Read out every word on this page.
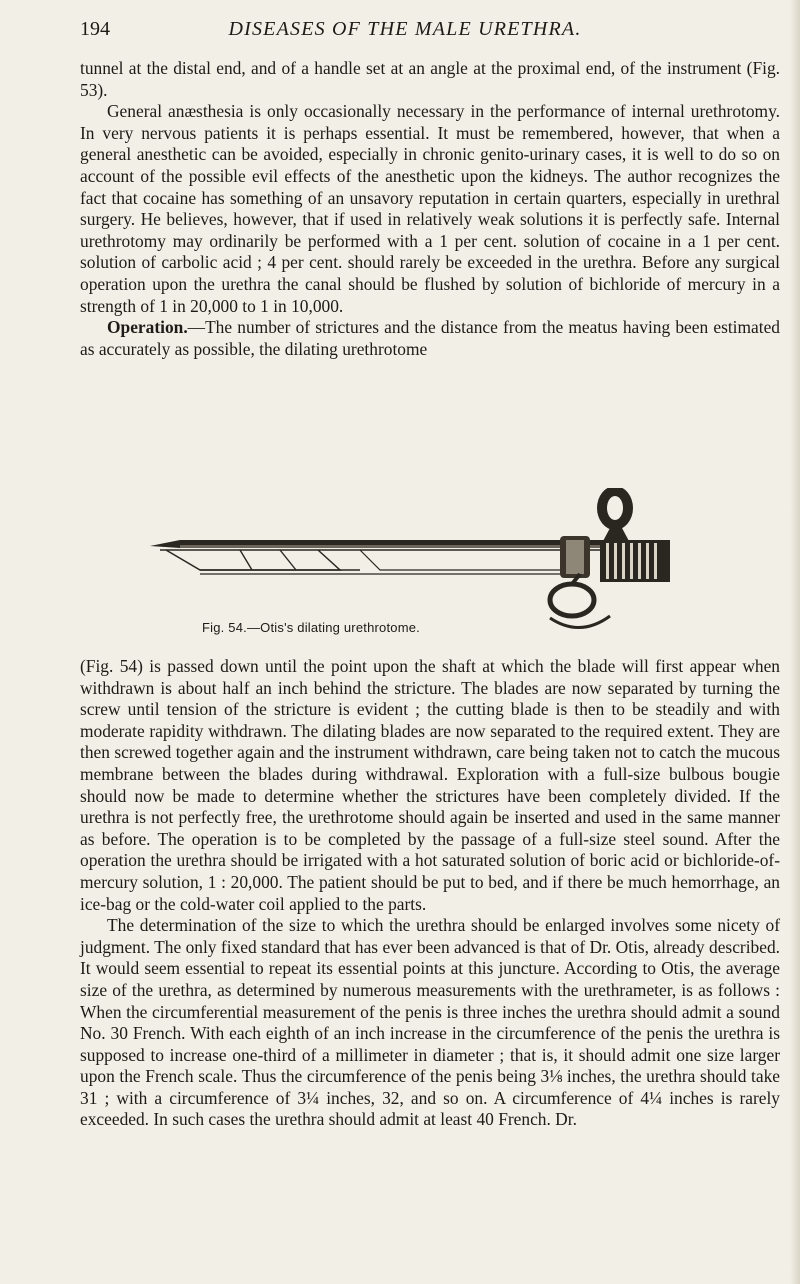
194	DISEASES OF THE MALE URETHRA.

tunnel at the distal end, and of a handle set at an angle at the proximal end, of the instrument (Fig. 53).

General anæsthesia is only occasionally necessary in the performance of internal urethrotomy. In very nervous patients it is perhaps essential. It must be remembered, however, that when a general anesthetic can be avoided, especially in chronic genito-urinary cases, it is well to do so on account of the possible evil effects of the anesthetic upon the kidneys. The author recognizes the fact that cocaine has something of an unsavory reputation in certain quarters, especially in urethral surgery. He believes, however, that if used in relatively weak solutions it is perfectly safe. Internal urethrotomy may ordinarily be performed with a 1 per cent. solution of cocaine in a 1 per cent. solution of carbolic acid ; 4 per cent. should rarely be exceeded in the urethra. Before any surgical operation upon the urethra the canal should be flushed by solution of bichloride of mercury in a strength of 1 in 20,000 to 1 in 10,000.

Operation.—The number of strictures and the distance from the meatus having been estimated as accurately as possible, the dilating urethrotome

Fig. 54.—Otis's dilating urethrotome.

(Fig. 54) is passed down until the point upon the shaft at which the blade will first appear when withdrawn is about half an inch behind the stricture. The blades are now separated by turning the screw until tension of the stricture is evident ; the cutting blade is then to be steadily and with moderate rapidity withdrawn. The dilating blades are now separated to the required extent. They are then screwed together again and the instrument withdrawn, care being taken not to catch the mucous membrane between the blades during withdrawal. Exploration with a full-size bulbous bougie should now be made to determine whether the strictures have been completely divided. If the urethra is not perfectly free, the urethrotome should again be inserted and used in the same manner as before. The operation is to be completed by the passage of a full-size steel sound. After the operation the urethra should be irrigated with a hot saturated solution of boric acid or bichloride-of-mercury solution, 1 : 20,000. The patient should be put to bed, and if there be much hemorrhage, an ice-bag or the cold-water coil applied to the parts.

The determination of the size to which the urethra should be enlarged involves some nicety of judgment. The only fixed standard that has ever been advanced is that of Dr. Otis, already described. It would seem essential to repeat its essential points at this juncture. According to Otis, the average size of the urethra, as determined by numerous measurements with the urethrameter, is as follows : When the circumferential measurement of the penis is three inches the urethra should admit a sound No. 30 French. With each eighth of an inch increase in the circumference of the penis the urethra is supposed to increase one-third of a millimeter in diameter ; that is, it should admit one size larger upon the French scale. Thus the circumference of the penis being 3⅛ inches, the urethra should take 31 ; with a circumference of 3¼ inches, 32, and so on. A circumference of 4¼ inches is rarely exceeded. In such cases the urethra should admit at least 40 French. Dr.
